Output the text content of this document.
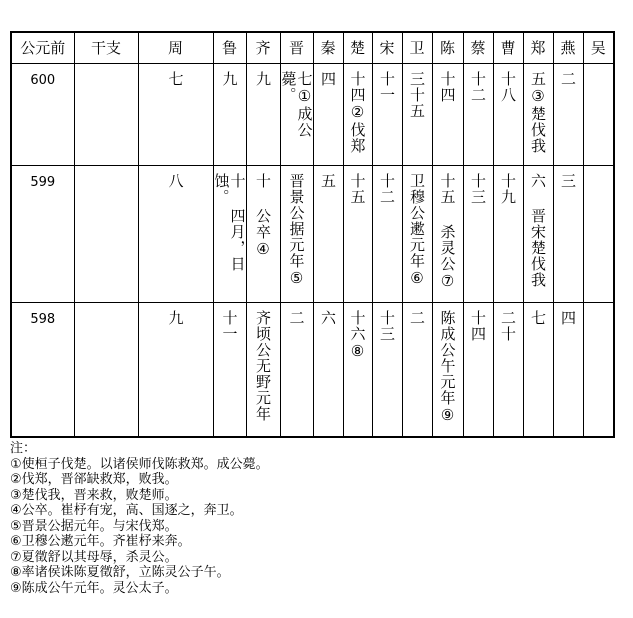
公元前	干支	周	鲁	齐	晋	秦	楚	宋	卫	陈	蔡	曹	郑	燕	吴
600		七	九	九	七①成公薨。	四	十四②伐郑	十一	三十五	十四	十二	十八	五③楚伐我	二	
599		八	十 四月，日蚀。	十 公卒④	晋景公据元年⑤	五	十五	十二	卫穆公遬元年⑥	十五 杀灵公⑦	十三	十九	六 晋宋楚伐我	三	
598		九	十一	齐顷公无野元年	二	六	十六⑧	十三	二	陈成公午元年⑨	十四	二十	七	四	
注：
①使桓子伐楚。以诸侯师伐陈救郑。成公薨。
②伐郑，晋郤缺救郑，败我。
③楚伐我，晋来救，败楚师。
④公卒。崔杼有宠，高、国逐之，奔卫。
⑤晋景公据元年。与宋伐郑。
⑥卫穆公遬元年。齐崔杼来奔。
⑦夏徵舒以其母辱，杀灵公。
⑧率诸侯诛陈夏徵舒，立陈灵公子午。
⑨陈成公午元年。灵公太子。
